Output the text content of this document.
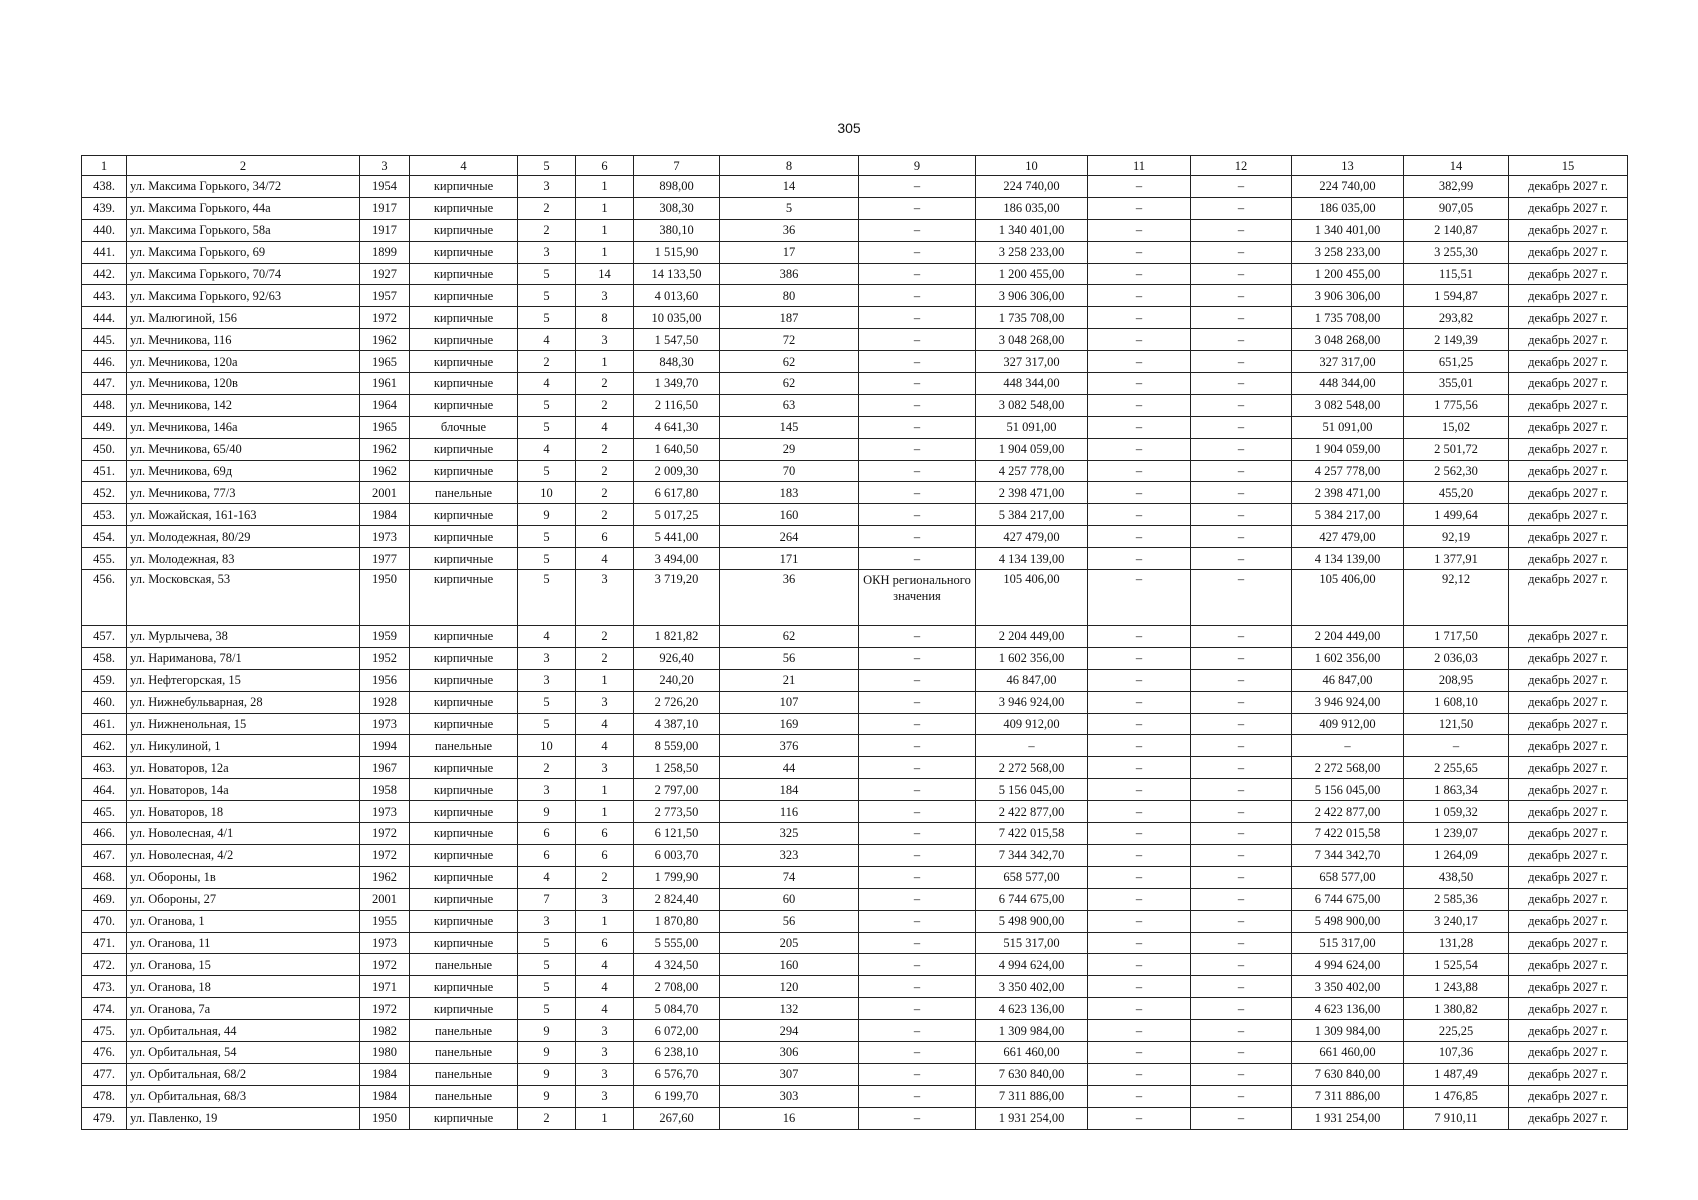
305
1	2	3	4	5	6	7	8	9	10	11	12	13	14	15
438.	ул. Максима Горького, 34/72	1954	кирпичные	3	1	898,00	14	–	224 740,00	–	–	224 740,00	382,99	декабрь 2027 г.
439.	ул. Максима Горького, 44а	1917	кирпичные	2	1	308,30	5	–	186 035,00	–	–	186 035,00	907,05	декабрь 2027 г.
440.	ул. Максима Горького, 58а	1917	кирпичные	2	1	380,10	36	–	1 340 401,00	–	–	1 340 401,00	2 140,87	декабрь 2027 г.
441.	ул. Максима Горького, 69	1899	кирпичные	3	1	1 515,90	17	–	3 258 233,00	–	–	3 258 233,00	3 255,30	декабрь 2027 г.
442.	ул. Максима Горького, 70/74	1927	кирпичные	5	14	14 133,50	386	–	1 200 455,00	–	–	1 200 455,00	115,51	декабрь 2027 г.
443.	ул. Максима Горького, 92/63	1957	кирпичные	5	3	4 013,60	80	–	3 906 306,00	–	–	3 906 306,00	1 594,87	декабрь 2027 г.
444.	ул. Малюгиной, 156	1972	кирпичные	5	8	10 035,00	187	–	1 735 708,00	–	–	1 735 708,00	293,82	декабрь 2027 г.
445.	ул. Мечникова, 116	1962	кирпичные	4	3	1 547,50	72	–	3 048 268,00	–	–	3 048 268,00	2 149,39	декабрь 2027 г.
446.	ул. Мечникова, 120а	1965	кирпичные	2	1	848,30	62	–	327 317,00	–	–	327 317,00	651,25	декабрь 2027 г.
447.	ул. Мечникова, 120в	1961	кирпичные	4	2	1 349,70	62	–	448 344,00	–	–	448 344,00	355,01	декабрь 2027 г.
448.	ул. Мечникова, 142	1964	кирпичные	5	2	2 116,50	63	–	3 082 548,00	–	–	3 082 548,00	1 775,56	декабрь 2027 г.
449.	ул. Мечникова, 146а	1965	блочные	5	4	4 641,30	145	–	51 091,00	–	–	51 091,00	15,02	декабрь 2027 г.
450.	ул. Мечникова, 65/40	1962	кирпичные	4	2	1 640,50	29	–	1 904 059,00	–	–	1 904 059,00	2 501,72	декабрь 2027 г.
451.	ул. Мечникова, 69д	1962	кирпичные	5	2	2 009,30	70	–	4 257 778,00	–	–	4 257 778,00	2 562,30	декабрь 2027 г.
452.	ул. Мечникова, 77/3	2001	панельные	10	2	6 617,80	183	–	2 398 471,00	–	–	2 398 471,00	455,20	декабрь 2027 г.
453.	ул. Можайская, 161-163	1984	кирпичные	9	2	5 017,25	160	–	5 384 217,00	–	–	5 384 217,00	1 499,64	декабрь 2027 г.
454.	ул. Молодежная, 80/29	1973	кирпичные	5	6	5 441,00	264	–	427 479,00	–	–	427 479,00	92,19	декабрь 2027 г.
455.	ул. Молодежная, 83	1977	кирпичные	5	4	3 494,00	171	–	4 134 139,00	–	–	4 134 139,00	1 377,91	декабрь 2027 г.
456.	ул. Московская, 53	1950	кирпичные	5	3	3 719,20	36	ОКН регионального значения	105 406,00	–	–	105 406,00	92,12	декабрь 2027 г.
457.	ул. Мурлычева, 38	1959	кирпичные	4	2	1 821,82	62	–	2 204 449,00	–	–	2 204 449,00	1 717,50	декабрь 2027 г.
458.	ул. Нариманова, 78/1	1952	кирпичные	3	2	926,40	56	–	1 602 356,00	–	–	1 602 356,00	2 036,03	декабрь 2027 г.
459.	ул. Нефтегорская, 15	1956	кирпичные	3	1	240,20	21	–	46 847,00	–	–	46 847,00	208,95	декабрь 2027 г.
460.	ул. Нижнебульварная, 28	1928	кирпичные	5	3	2 726,20	107	–	3 946 924,00	–	–	3 946 924,00	1 608,10	декабрь 2027 г.
461.	ул. Нижненольная, 15	1973	кирпичные	5	4	4 387,10	169	–	409 912,00	–	–	409 912,00	121,50	декабрь 2027 г.
462.	ул. Никулиной, 1	1994	панельные	10	4	8 559,00	376	–	–	–	–	–	–	декабрь 2027 г.
463.	ул. Новаторов, 12а	1967	кирпичные	2	3	1 258,50	44	–	2 272 568,00	–	–	2 272 568,00	2 255,65	декабрь 2027 г.
464.	ул. Новаторов, 14а	1958	кирпичные	3	1	2 797,00	184	–	5 156 045,00	–	–	5 156 045,00	1 863,34	декабрь 2027 г.
465.	ул. Новаторов, 18	1973	кирпичные	9	1	2 773,50	116	–	2 422 877,00	–	–	2 422 877,00	1 059,32	декабрь 2027 г.
466.	ул. Новолесная, 4/1	1972	кирпичные	6	6	6 121,50	325	–	7 422 015,58	–	–	7 422 015,58	1 239,07	декабрь 2027 г.
467.	ул. Новолесная, 4/2	1972	кирпичные	6	6	6 003,70	323	–	7 344 342,70	–	–	7 344 342,70	1 264,09	декабрь 2027 г.
468.	ул. Обороны, 1в	1962	кирпичные	4	2	1 799,90	74	–	658 577,00	–	–	658 577,00	438,50	декабрь 2027 г.
469.	ул. Обороны, 27	2001	кирпичные	7	3	2 824,40	60	–	6 744 675,00	–	–	6 744 675,00	2 585,36	декабрь 2027 г.
470.	ул. Оганова, 1	1955	кирпичные	3	1	1 870,80	56	–	5 498 900,00	–	–	5 498 900,00	3 240,17	декабрь 2027 г.
471.	ул. Оганова, 11	1973	кирпичные	5	6	5 555,00	205	–	515 317,00	–	–	515 317,00	131,28	декабрь 2027 г.
472.	ул. Оганова, 15	1972	панельные	5	4	4 324,50	160	–	4 994 624,00	–	–	4 994 624,00	1 525,54	декабрь 2027 г.
473.	ул. Оганова, 18	1971	кирпичные	5	4	2 708,00	120	–	3 350 402,00	–	–	3 350 402,00	1 243,88	декабрь 2027 г.
474.	ул. Оганова, 7а	1972	кирпичные	5	4	5 084,70	132	–	4 623 136,00	–	–	4 623 136,00	1 380,82	декабрь 2027 г.
475.	ул. Орбитальная, 44	1982	панельные	9	3	6 072,00	294	–	1 309 984,00	–	–	1 309 984,00	225,25	декабрь 2027 г.
476.	ул. Орбитальная, 54	1980	панельные	9	3	6 238,10	306	–	661 460,00	–	–	661 460,00	107,36	декабрь 2027 г.
477.	ул. Орбитальная, 68/2	1984	панельные	9	3	6 576,70	307	–	7 630 840,00	–	–	7 630 840,00	1 487,49	декабрь 2027 г.
478.	ул. Орбитальная, 68/3	1984	панельные	9	3	6 199,70	303	–	7 311 886,00	–	–	7 311 886,00	1 476,85	декабрь 2027 г.
479.	ул. Павленко, 19	1950	кирпичные	2	1	267,60	16	–	1 931 254,00	–	–	1 931 254,00	7 910,11	декабрь 2027 г.
